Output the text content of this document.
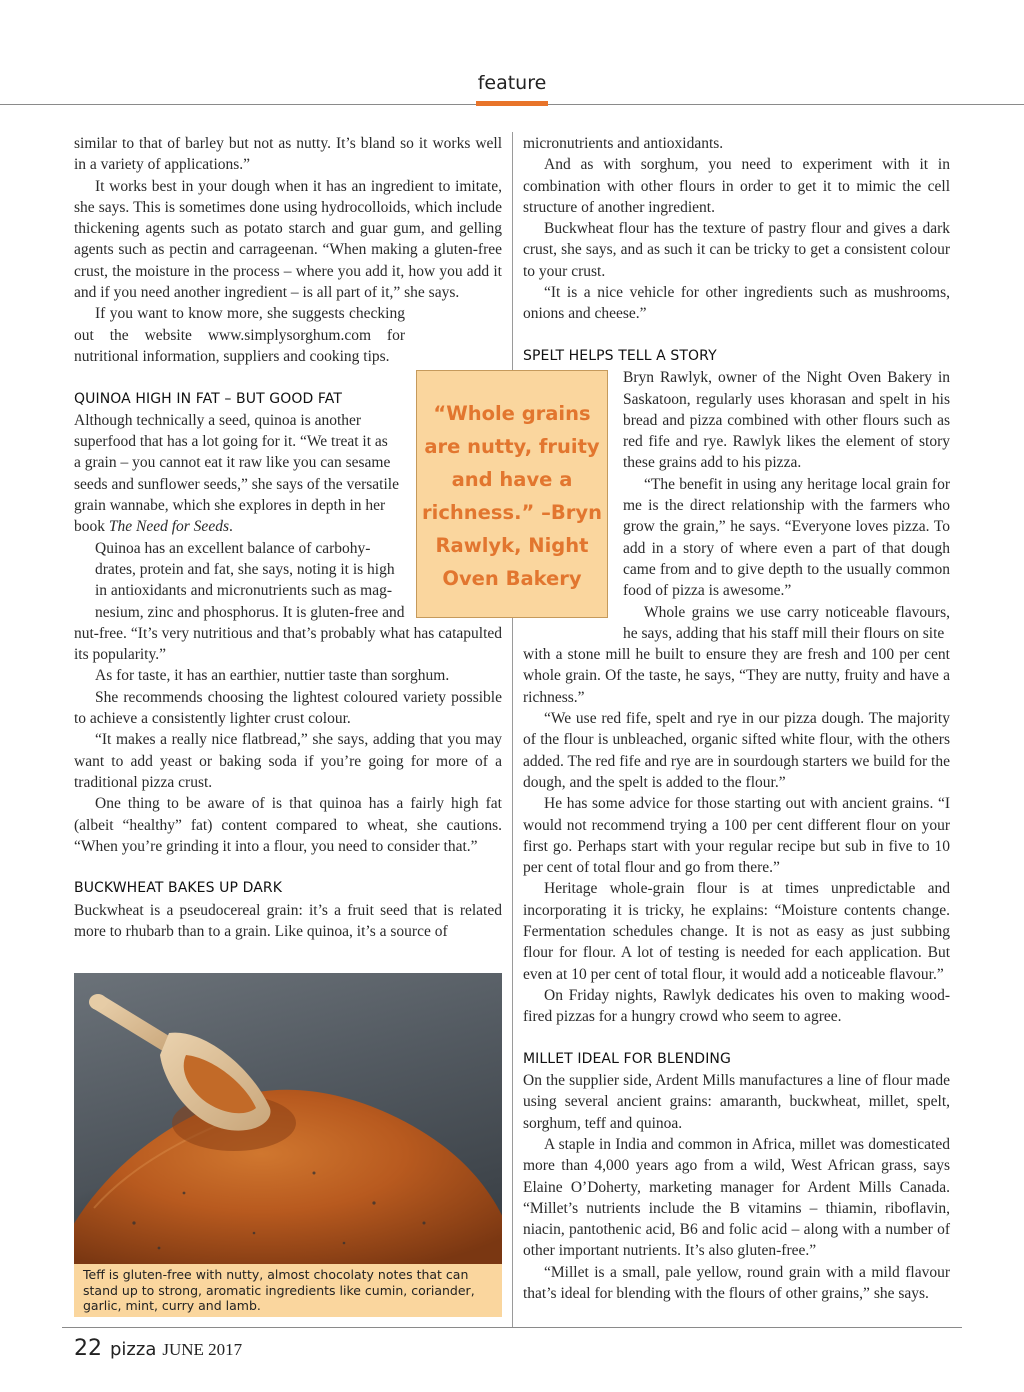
feature

similar to that of barley but not as nutty. It’s bland so it works well in a variety of applications.”

It works best in your dough when it has an ingredient to imitate, she says. This is sometimes done using hydrocolloids, which include thickening agents such as potato starch and guar gum, and gelling agents such as pectin and carrageenan. “When making a gluten-free crust, the moisture in the process – where you add it, how you add it and if you need another ingredient – is all part of it,” she says.

If you want to know more, she suggests checking out the website www.simplysorghum.com for nutritional information, suppliers and cooking tips.

QUINOA HIGH IN FAT – BUT GOOD FAT

Although technically a seed, quinoa is another
superfood that has a lot going for it. “We treat it as
a grain – you cannot eat it raw like you can sesame
seeds and sunflower seeds,” she says of the versatile
grain wannabe, which she explores in depth in her
book The Need for Seeds.

Quinoa has an excellent balance of carbohy-
drates, protein and fat, she says, noting it is high
in antioxidants and micronutrients such as mag-
nesium, zinc and phosphorus. It is gluten-free and

nut-free. “It’s very nutritious and that’s probably what has catapulted its popularity.”

As for taste, it has an earthier, nuttier taste than sorghum.

She recommends choosing the lightest coloured variety possible to achieve a consistently lighter crust colour.

“It makes a really nice flatbread,” she says, adding that you may want to add yeast or baking soda if you’re going for more of a traditional pizza crust.

One thing to be aware of is that quinoa has a fairly high fat (albeit “healthy” fat) content compared to wheat, she cautions. “When you’re grinding it into a flour, you need to consider that.”

BUCKWHEAT BAKES UP DARK

Buckwheat is a pseudocereal grain: it’s a fruit seed that is related more to rhubarb than to a grain. Like quinoa, it’s a source of

“Whole grains are nutty, fruity and have a richness.” –Bryn Rawlyk, Night Oven Bakery

micronutrients and antioxidants.

And as with sorghum, you need to experiment with it in combination with other flours in order to get it to mimic the cell structure of another ingredient.

Buckwheat flour has the texture of pastry flour and gives a dark crust, she says, and as such it can be tricky to get a consistent colour to your crust.

“It is a nice vehicle for other ingredients such as mushrooms, onions and cheese.”

SPELT HELPS TELL A STORY

Bryn Rawlyk, owner of the Night Oven Bakery in Saskatoon, regularly uses khorasan and spelt in his bread and pizza combined with other flours such as red fife and rye. Rawlyk likes the element of story these grains add to his pizza.

“The benefit in using any heritage local grain for me is the direct relationship with the farmers who grow the grain,” he says. “Everyone loves pizza. To add in a story of where even a part of that dough came from and to give depth to the usually common food of pizza is awesome.”

Whole grains we use carry noticeable flavours, he says, adding that his staff mill their flours on site

with a stone mill he built to ensure they are fresh and 100 per cent whole grain. Of the taste, he says, “They are nutty, fruity and have a richness.”

“We use red fife, spelt and rye in our pizza dough. The majority of the flour is unbleached, organic sifted white flour, with the others added. The red fife and rye are in sourdough starters we build for the dough, and the spelt is added to the flour.”

He has some advice for those starting out with ancient grains. “I would not recommend trying a 100 per cent different flour on your first go. Perhaps start with your regular recipe but sub in five to 10 per cent of total flour and go from there.”

Heritage whole-grain flour is at times unpredictable and incorporating it is tricky, he explains: “Moisture contents change. Fermentation schedules change. It is not as easy as just subbing flour for flour. A lot of testing is needed for each application. But even at 10 per cent of total flour, it would add a noticeable flavour.”

On Friday nights, Rawlyk dedicates his oven to making wood-fired pizzas for a hungry crowd who seem to agree.

MILLET IDEAL FOR BLENDING

On the supplier side, Ardent Mills manufactures a line of flour made using several ancient grains: amaranth, buckwheat, millet, spelt, sorghum, teff and quinoa.

A staple in India and common in Africa, millet was domesticated more than 4,000 years ago from a wild, West African grass, says Elaine O’Doherty, marketing manager for Ardent Mills Canada. “Millet’s nutrients include the B vitamins – thiamin, riboflavin, niacin, pantothenic acid, B6 and folic acid – along with a number of other important nutrients. It’s also gluten-free.”

“Millet is a small, pale yellow, round grain with a mild flavour that’s ideal for blending with the flours of other grains,” she says.

Teff is gluten-free with nutty, almost chocolaty notes that can stand up to strong, aromatic ingredients like cumin, coriander, garlic, mint, curry and lamb.
22 pizza JUNE 2017
